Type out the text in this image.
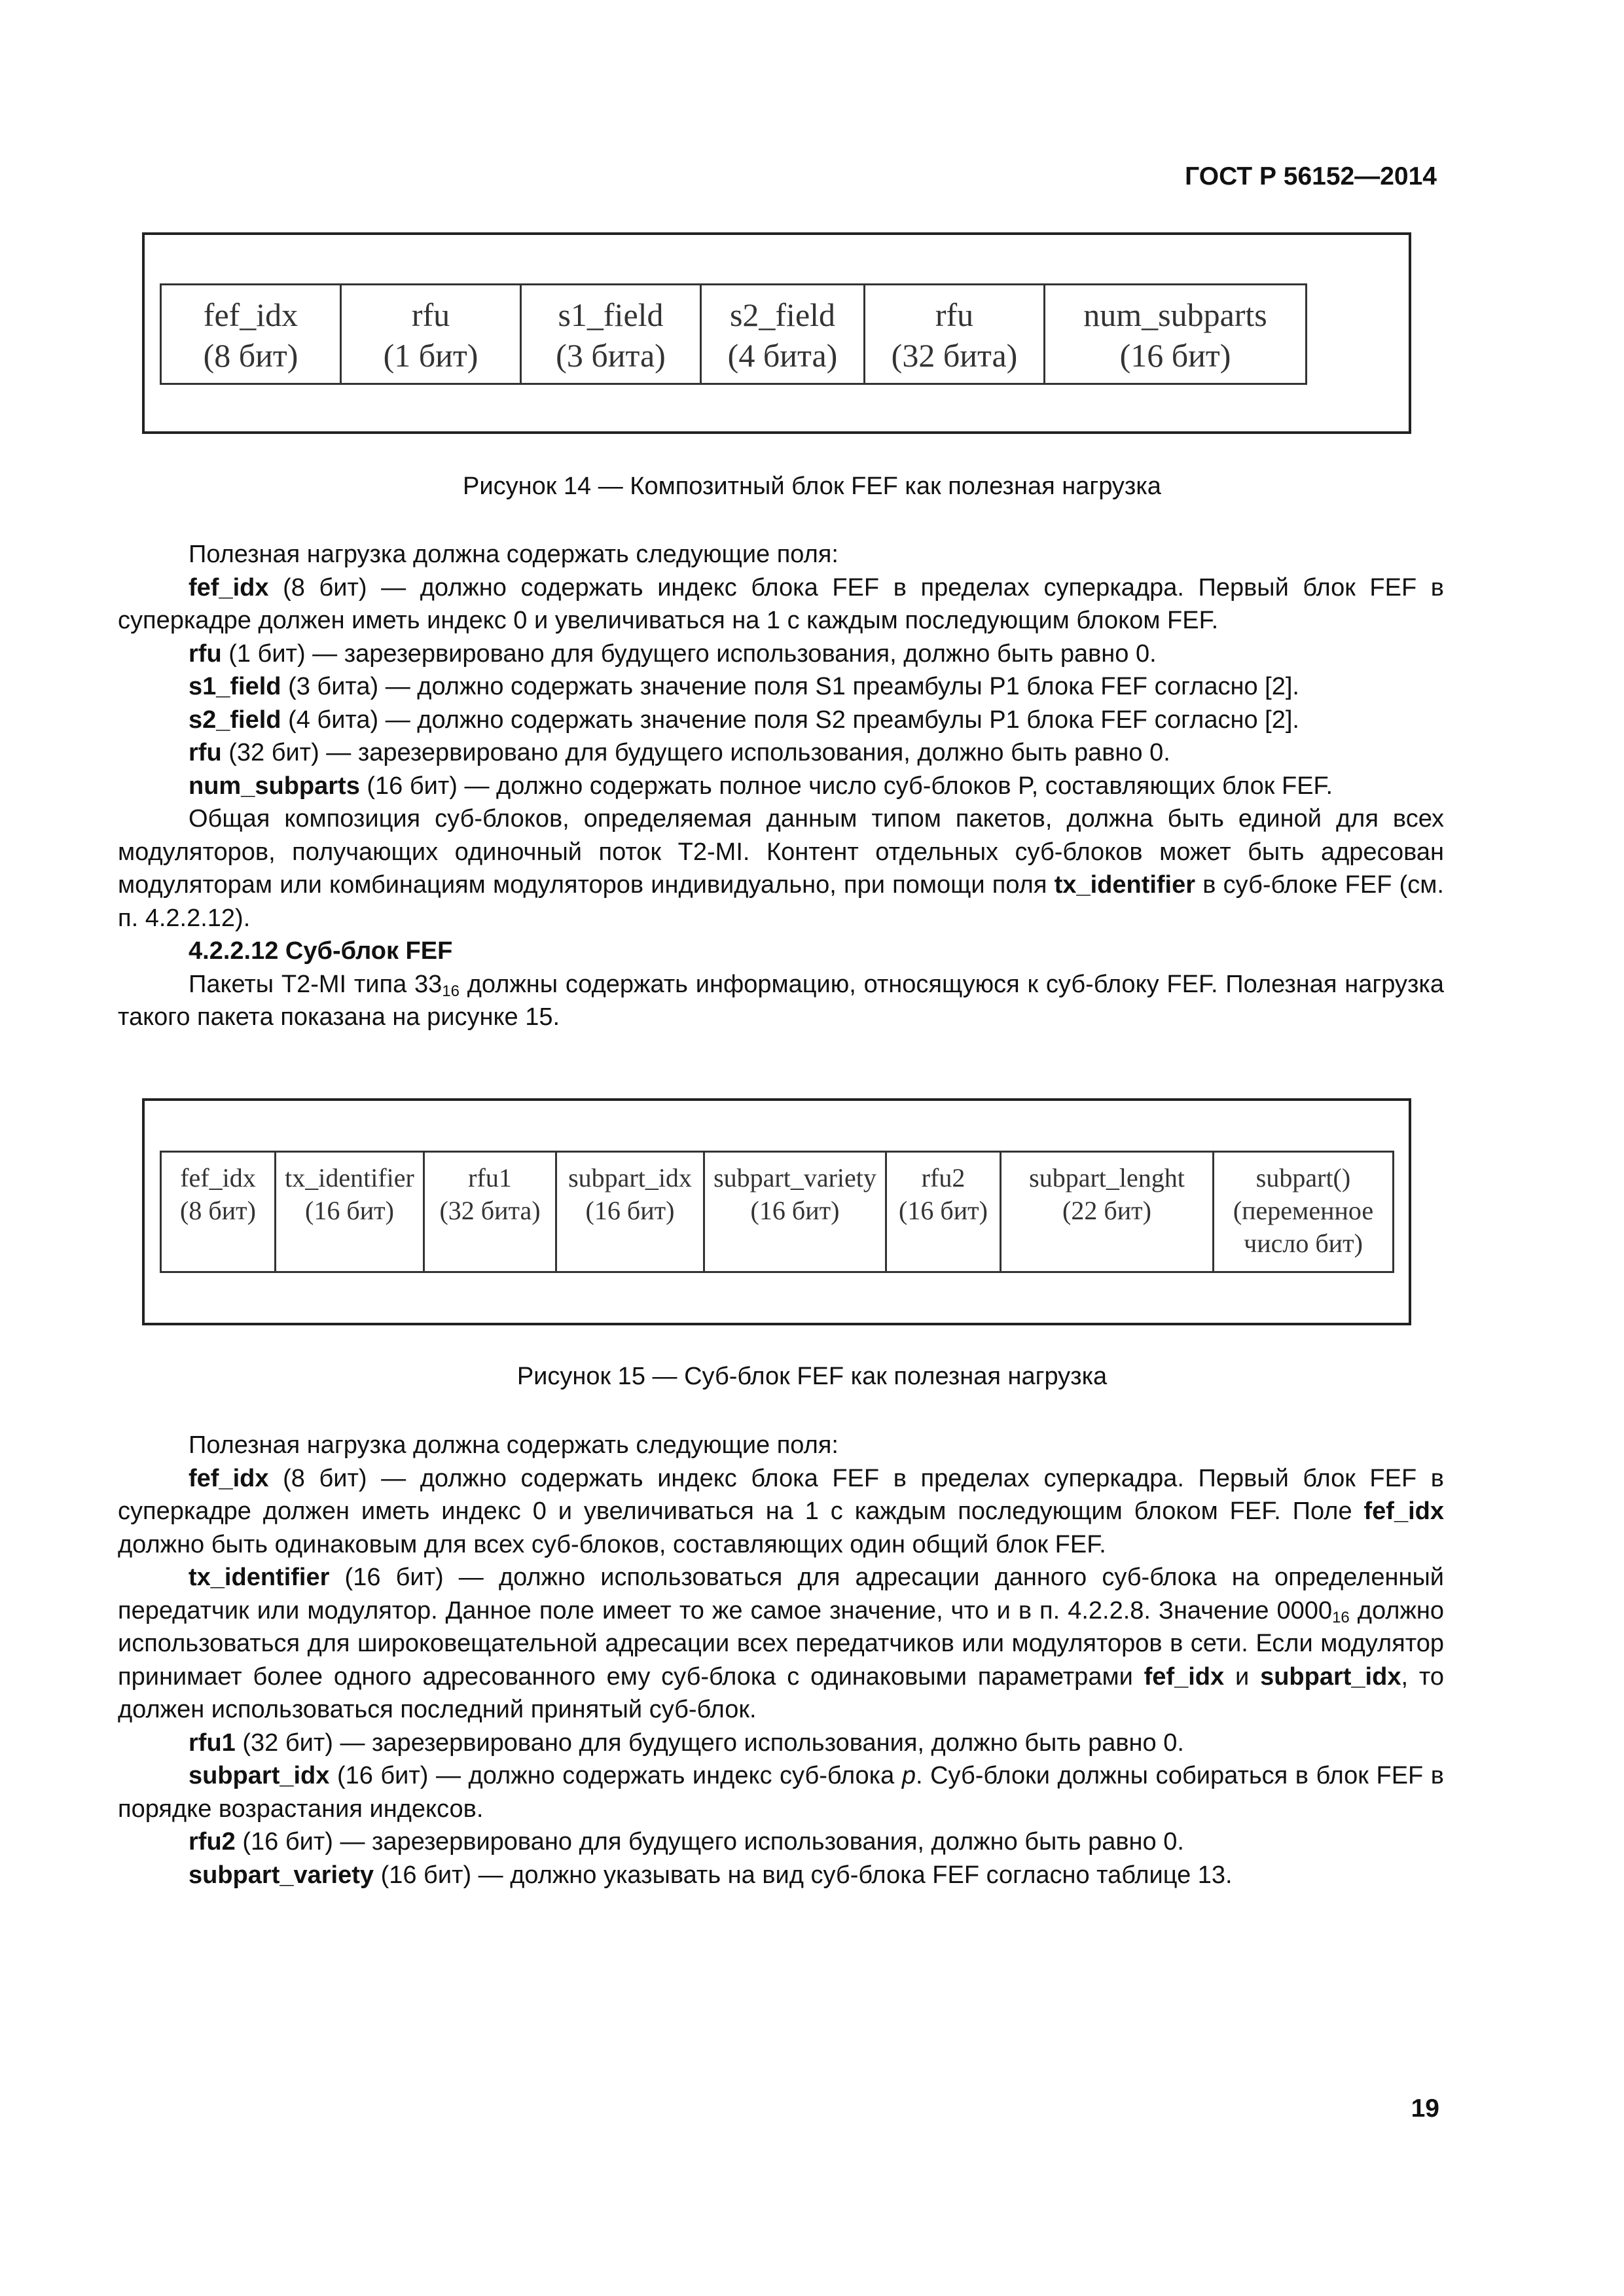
ГОСТ Р 56152—2014
fef_idx
(8 бит)

rfu
(1 бит)

s1_field
(3 бита)

s2_field
(4 бита)

rfu
(32 бита)

num_subparts
(16 бит)
Рисунок 14 — Композитный блок FEF как полезная нагрузка

Полезная нагрузка должна содержать следующие поля:

fef_idx (8 бит) — должно содержать индекс блока FEF в пределах суперкадра. Первый блок FEF в суперкадре должен иметь индекс 0 и увеличиваться на 1 с каждым последующим блоком FEF.

rfu (1 бит) — зарезервировано для будущего использования, должно быть равно 0.

s1_field (3 бита) — должно содержать значение поля S1 преамбулы P1 блока FEF согласно [2].

s2_field (4 бита) — должно содержать значение поля S2 преамбулы P1 блока FEF согласно [2].

rfu (32 бит) — зарезервировано для будущего использования, должно быть равно 0.

num_subparts (16 бит) — должно содержать полное число суб-блоков P, составляющих блок FEF.

Общая композиция суб-блоков, определяемая данным типом пакетов, должна быть единой для всех модуляторов, получающих одиночный поток T2-MI. Контент отдельных суб-блоков может быть адресован модуляторам или комбинациям модуляторов индивидуально, при помощи поля tx_identifier в суб-блоке FEF (см. п. 4.2.2.12).

4.2.2.12 Суб-блок FEF

Пакеты T2-MI типа $33_{16}$ должны содержать информацию, относящуюся к суб-блоку FEF. Полезная нагрузка такого пакета показана на рисунке 15.

fef_idx
(8 бит)

tx_identifier
(16 бит)

rfu1
(32 бита)

subpart_idx
(16 бит)

subpart_variety
(16 бит)

rfu2
(16 бит)

subpart_lenght
(22 бит)

subpart()
(переменное число бит)
Рисунок 15 — Суб-блок FEF как полезная нагрузка

Полезная нагрузка должна содержать следующие поля:

fef_idx (8 бит) — должно содержать индекс блока FEF в пределах суперкадра. Первый блок FEF в суперкадре должен иметь индекс 0 и увеличиваться на 1 с каждым последующим блоком FEF. Поле fef_idx должно быть одинаковым для всех суб-блоков, составляющих один общий блок FEF.

tx_identifier (16 бит) — должно использоваться для адресации данного суб-блока на определенный передатчик или модулятор. Данное поле имеет то же самое значение, что и в п. 4.2.2.8. Значение $0000_{16}$ должно использоваться для широковещательной адресации всех передатчиков или модуляторов в сети. Если модулятор принимает более одного адресованного ему суб-блока с одинаковыми параметрами fef_idx и subpart_idx, то должен использоваться последний принятый суб-блок.

rfu1 (32 бит) — зарезервировано для будущего использования, должно быть равно 0.

subpart_idx (16 бит) — должно содержать индекс суб-блока p. Суб-блоки должны собираться в блок FEF в порядке возрастания индексов.

rfu2 (16 бит) — зарезервировано для будущего использования, должно быть равно 0.

subpart_variety (16 бит) — должно указывать на вид суб-блока FEF согласно таблице 13.

19
